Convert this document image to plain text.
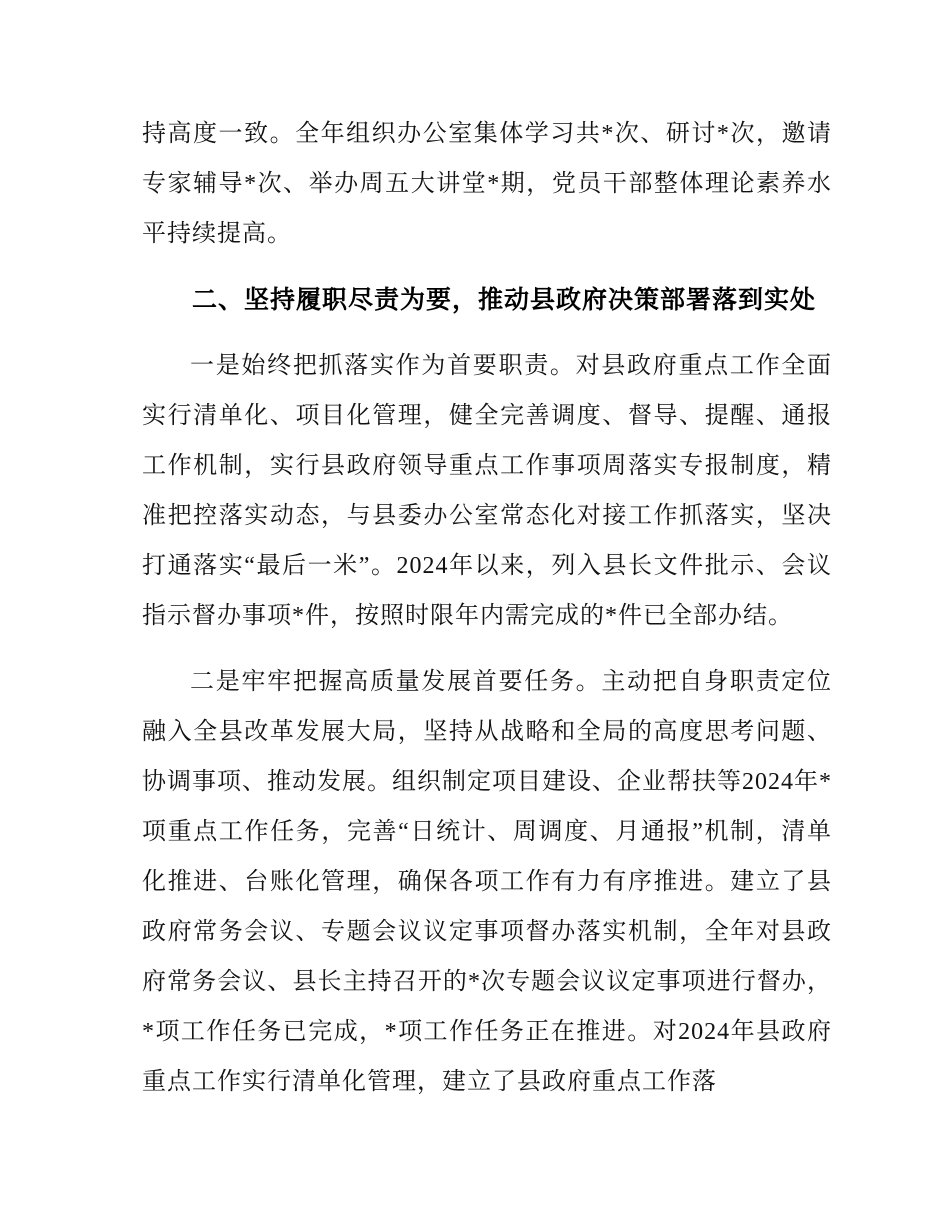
持高度一致。全年组织办公室集体学习共*次、研讨*次，邀请专家辅导*次、举办周五大讲堂*期，党员干部整体理论素养水平持续提高。

二、坚持履职尽责为要，推动县政府决策部署落到实处

一是始终把抓落实作为首要职责。对县政府重点工作全面实行清单化、项目化管理，健全完善调度、督导、提醒、通报工作机制，实行县政府领导重点工作事项周落实专报制度，精准把控落实动态，与县委办公室常态化对接工作抓落实，坚决打通落实“最后一米”。2024年以来，列入县长文件批示、会议指示督办事项*件，按照时限年内需完成的*件已全部办结。

二是牢牢把握高质量发展首要任务。主动把自身职责定位融入全县改革发展大局，坚持从战略和全局的高度思考问题、协调事项、推动发展。组织制定项目建设、企业帮扶等2024年*项重点工作任务，完善“日统计、周调度、月通报”机制，清单化推进、台账化管理，确保各项工作有力有序推进。建立了县政府常务会议、专题会议议定事项督办落实机制，全年对县政府常务会议、县长主持召开的*次专题会议议定事项进行督办，*项工作任务已完成，*项工作任务正在推进。对2024年县政府重点工作实行清单化管理，建立了县政府重点工作落
